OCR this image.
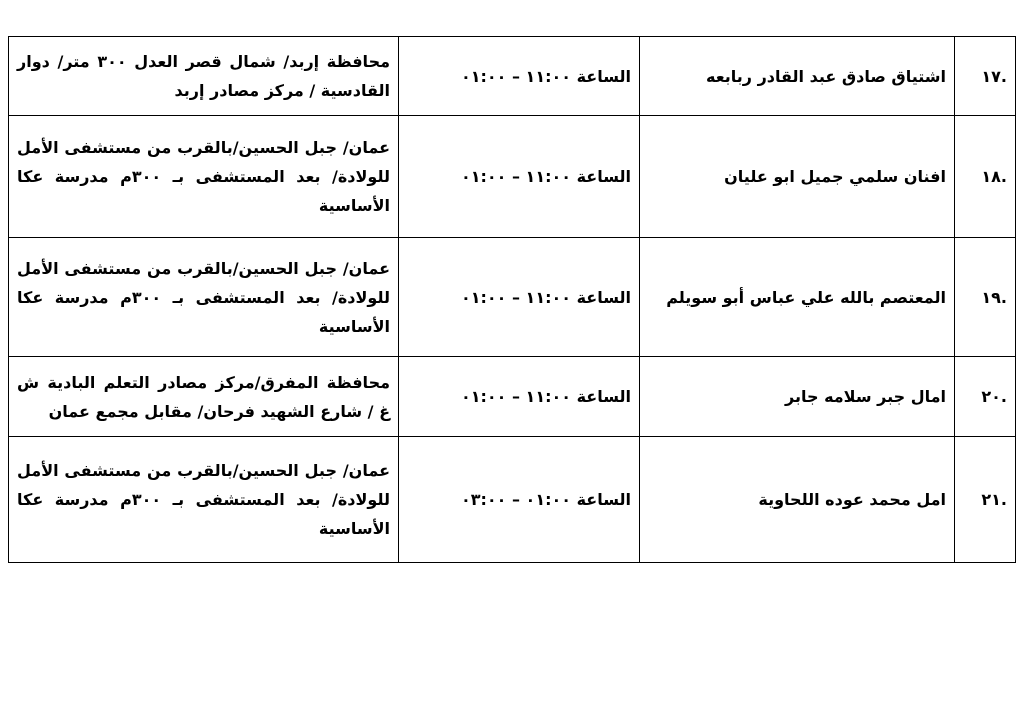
.١٧	اشتياق صادق عبد القادر ربابعه	الساعة ١١:٠٠ – ٠١:٠٠	محافظة إربد/ شمال قصر العدل ٣٠٠ متر/ دوار القادسية / مركز مصادر إربد
.١٨	افنان سلمي جميل ابو عليان	الساعة ١١:٠٠ – ٠١:٠٠	عمان/ جبل الحسين/بالقرب من مستشفى الأمل للولادة/ بعد المستشفى بـ ٣٠٠م مدرسة عكا الأساسية
.١٩	المعتصم بالله علي عباس أبو سويلم	الساعة ١١:٠٠ – ٠١:٠٠	عمان/ جبل الحسين/بالقرب من مستشفى الأمل للولادة/ بعد المستشفى بـ ٣٠٠م مدرسة عكا الأساسية
.٢٠	امال جبر سلامه جابر	الساعة ١١:٠٠ – ٠١:٠٠	محافظة المفرق/مركز مصادر التعلم البادية ش غ / شارع الشهيد فرحان/ مقابل مجمع عمان
.٢١	امل محمد عوده اللحاوية	الساعة ٠١:٠٠ – ٠٣:٠٠	عمان/ جبل الحسين/بالقرب من مستشفى الأمل للولادة/ بعد المستشفى بـ ٣٠٠م مدرسة عكا الأساسية
